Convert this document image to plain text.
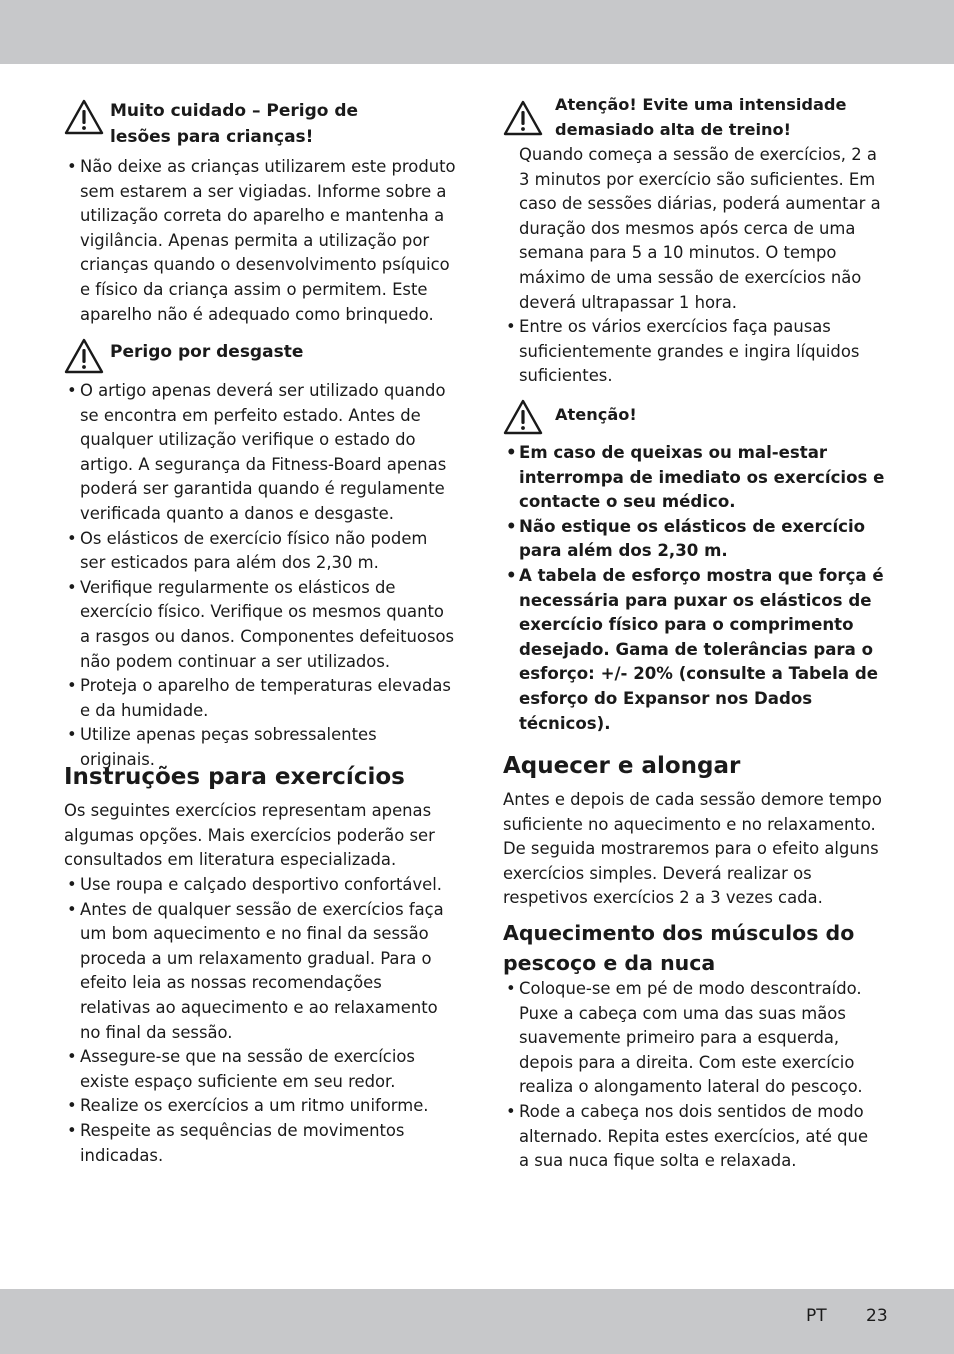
Muito cuidado – Perigo de
lesões para crianças!
• Não deixe as crianças utilizarem este produto sem estarem a ser vigiadas. Informe sobre a utilização correta do aparelho e mantenha a vigilância. Apenas permita a utilização por crianças quando o desenvolvimento psíquico e físico da criança assim o permitem. Este aparelho não é adequado como brinquedo.
Perigo por desgaste
• O artigo apenas deverá ser utilizado quando se encontra em perfeito estado. Antes de qualquer utilização verifique o estado do artigo. A segurança da Fitness-Board apenas poderá ser garantida quando é regulamente verificada quanto a danos e desgaste.
• Os elásticos de exercício físico não podem ser esticados para além dos 2,30 m.
• Verifique regularmente os elásticos de exercício físico. Verifique os mesmos quanto a rasgos ou danos. Componentes defeituosos não podem continuar a ser utilizados.
• Proteja o aparelho de temperaturas elevadas e da humidade.
• Utilize apenas peças sobressalentes originais.
Instruções para exercícios

Os seguintes exercícios representam apenas algumas opções. Mais exercícios poderão ser consultados em literatura especializada.

• Use roupa e calçado desportivo confortável.
• Antes de qualquer sessão de exercícios faça um bom aquecimento e no final da sessão proceda a um relaxamento gradual. Para o efeito leia as nossas recomendações relativas ao aquecimento e ao relaxamento no final da sessão.
• Assegure-se que na sessão de exercícios existe espaço suficiente em seu redor.
• Realize os exercícios a um ritmo uniforme.
• Respeite as sequências de movimentos indicadas.
Atenção! Evite uma intensidade
demasiado alta de treino!

Quando começa a sessão de exercícios, 2 a 3 minutos por exercício são suficientes. Em caso de sessões diárias, poderá aumentar a duração dos mesmos após cerca de uma semana para 5 a 10 minutos. O tempo máximo de uma sessão de exercícios não deverá ultrapassar 1 hora.

• Entre os vários exercícios faça pausas suficientemente grandes e ingira líquidos suficientes.
Atenção!
• Em caso de queixas ou mal-estar interrompa de imediato os exercícios e contacte o seu médico.
• Não estique os elásticos de exercício para além dos 2,30 m.
• A tabela de esforço mostra que força é necessária para puxar os elásticos de exercício físico para o comprimento desejado. Gama de tolerâncias para o esforço: +/- 20% (consulte a Tabela de esforço do Expansor nos Dados técnicos).
Aquecer e alongar

Antes e depois de cada sessão demore tempo suficiente no aquecimento e no relaxamento. De seguida mostraremos para o efeito alguns exercícios simples. Deverá realizar os respetivos exercícios 2 a 3 vezes cada.

Aquecimento dos músculos do
pescoço e da nuca
• Coloque-se em pé de modo descontraído. Puxe a cabeça com uma das suas mãos suavemente primeiro para a esquerda, depois para a direita. Com este exercício realiza o alongamento lateral do pescoço.
• Rode a cabeça nos dois sentidos de modo alternado. Repita estes exercícios, até que a sua nuca fique solta e relaxada.
PT 23
